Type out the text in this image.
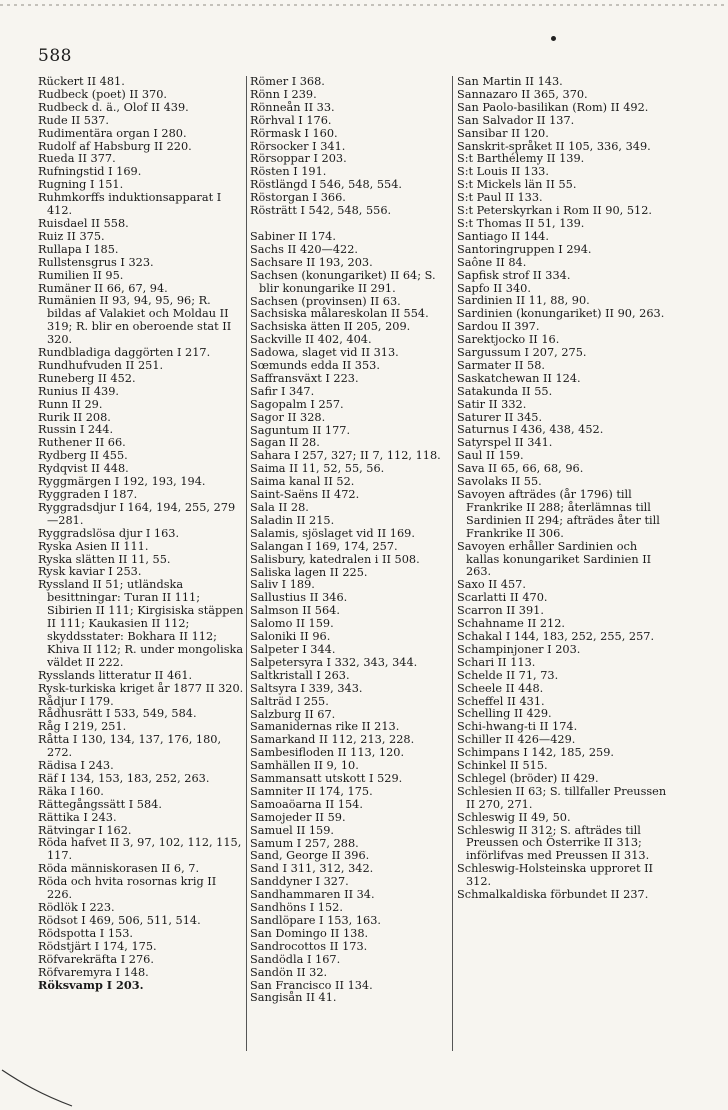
588

Rückert II 481.

Rudbeck (poet) II 370.

Rudbeck d. ä., Olof II 439.

Rude II 537.

Rudimentära organ I 280.

Rudolf af Habsburg II 220.

Rueda II 377.

Rufningstid I 169.

Rugning I 151.

Ruhmkorffs induktionsapparat I 412.

Ruisdael II 558.

Ruiz II 375.

Rullapa I 185.

Rullstensgrus I 323.

Rumilien II 95.

Rumäner II 66, 67, 94.

Rumänien II 93, 94, 95, 96; R. bildas af Valakiet och Moldau II 319; R. blir en oberoende stat II 320.

Rundbladiga daggörten I 217.

Rundhufvuden II 251.

Runeberg II 452.

Runius II 439.

Runn II 29.

Rurik II 208.

Russin I 244.

Ruthener II 66.

Rydberg II 455.

Rydqvist II 448.

Ryggmärgen I 192, 193, 194.

Ryggraden I 187.

Ryggradsdjur I 164, 194, 255, 279—281.

Ryggradslösa djur I 163.

Ryska Asien II 111.

Ryska slätten II 11, 55.

Rysk kaviar I 253.

Ryssland II 51; utländska besittningar: Turan II 111; Sibirien II 111; Kirgisiska stäppen II 111; Kaukasien II 112; skyddsstater: Bokhara II 112; Khiva II 112; R. under mongoliska väldet II 222.

Rysslands litteratur II 461.

Rysk-turkiska kriget år 1877 II 320.

Rådjur I 179.

Rådhusrätt I 533, 549, 584.

Råg I 219, 251.

Råtta I 130, 134, 137, 176, 180, 272.

Rädisa I 243.

Räf I 134, 153, 183, 252, 263.

Räka I 160.

Rättegångssätt I 584.

Rättika I 243.

Rätvingar I 162.

Röda hafvet II 3, 97, 102, 112, 115, 117.

Röda människorasen II 6, 7.

Röda och hvita rosornas krig II 226.

Rödlök I 223.

Rödsot I 469, 506, 511, 514.

Rödspotta I 153.

Rödstjärt I 174, 175.

Röfvarekräfta I 276.

Röfvaremyra I 148.

Röksvamp I 203.

Römer I 368.

Rönn I 239.

Rönneån II 33.

Rörhval I 176.

Rörmask I 160.

Rörsocker I 341.

Rörsoppar I 203.

Rösten I 191.

Röstlängd I 546, 548, 554.

Röstorgan I 366.

Rösträtt I 542, 548, 556.

Sabiner II 174.

Sachs II 420—422.

Sachsare II 193, 203.

Sachsen (konungariket) II 64; S. blir konungarike II 291.

Sachsen (provinsen) II 63.

Sachsiska målareskolan II 554.

Sachsiska ätten II 205, 209.

Sackville II 402, 404.

Sadowa, slaget vid II 313.

Sœmunds edda II 353.

Saffransväxt I 223.

Safir I 347.

Sagopalm I 257.

Sagor II 328.

Saguntum II 177.

Sagan II 28.

Sahara I 257, 327; II 7, 112, 118.

Saima II 11, 52, 55, 56.

Saima kanal II 52.

Saint-Saëns II 472.

Sala II 28.

Saladin II 215.

Salamis, sjöslaget vid II 169.

Salangan I 169, 174, 257.

Salisbury, katedralen i II 508.

Saliska lagen II 225.

Saliv I 189.

Sallustius II 346.

Salmson II 564.

Salomo II 159.

Saloniki II 96.

Salpeter I 344.

Salpetersyra I 332, 343, 344.

Saltkristall I 263.

Saltsyra I 339, 343.

Salträd I 255.

Salzburg II 67.

Samanidernas rike II 213.

Samarkand II 112, 213, 228.

Sambesifloden II 113, 120.

Samhällen II 9, 10.

Sammansatt utskott I 529.

Samniter II 174, 175.

Samoaöarna II 154.

Samojeder II 59.

Samuel II 159.

Samum I 257, 288.

Sand, George II 396.

Sand I 311, 312, 342.

Sanddyner I 327.

Sandhammaren II 34.

Sandhöns I 152.

Sandlöpare I 153, 163.

San Domingo II 138.

Sandrocottos II 173.

Sandödla I 167.

Sandön II 32.

San Francisco II 134.

Sangisån II 41.

San Martin II 143.

Sannazaro II 365, 370.

San Paolo-basilikan (Rom) II 492.

San Salvador II 137.

Sansibar II 120.

Sanskrit-språket II 105, 336, 349.

S:t Barthélemy II 139.

S:t Louis II 133.

S:t Mickels län II 55.

S:t Paul II 133.

S:t Peterskyrkan i Rom II 90, 512.

S:t Thomas II 51, 139.

Santiago II 144.

Santoringruppen I 294.

Saône II 84.

Sapfisk strof II 334.

Sapfo II 340.

Sardinien II 11, 88, 90.

Sardinien (konungariket) II 90, 263.

Sardou II 397.

Sarektjocko II 16.

Sargussum I 207, 275.

Sarmater II 58.

Saskatchewan II 124.

Satakunda II 55.

Satir II 332.

Saturer II 345.

Saturnus I 436, 438, 452.

Satyrspel II 341.

Saul II 159.

Sava II 65, 66, 68, 96.

Savolaks II 55.

Savoyen afträdes (år 1796) till Frankrike II 288; återlämnas till Sardinien II 294; afträdes åter till Frankrike II 306.

Savoyen erhåller Sardinien och kallas konungariket Sardinien II 263.

Saxo II 457.

Scarlatti II 470.

Scarron II 391.

Schahname II 212.

Schakal I 144, 183, 252, 255, 257.

Schampinjoner I 203.

Schari II 113.

Schelde II 71, 73.

Scheele II 448.

Scheffel II 431.

Schelling II 429.

Schi-hwang-ti II 174.

Schiller II 426—429.

Schimpans I 142, 185, 259.

Schinkel II 515.

Schlegel (bröder) II 429.

Schlesien II 63; S. tillfaller Preussen II 270, 271.

Schleswig II 49, 50.

Schleswig II 312; S. afträdes till Preussen och Österrike II 313; införlifvas med Preussen II 313.

Schleswig-Holsteinska upproret II 312.

Schmalkaldiska förbundet II 237.
